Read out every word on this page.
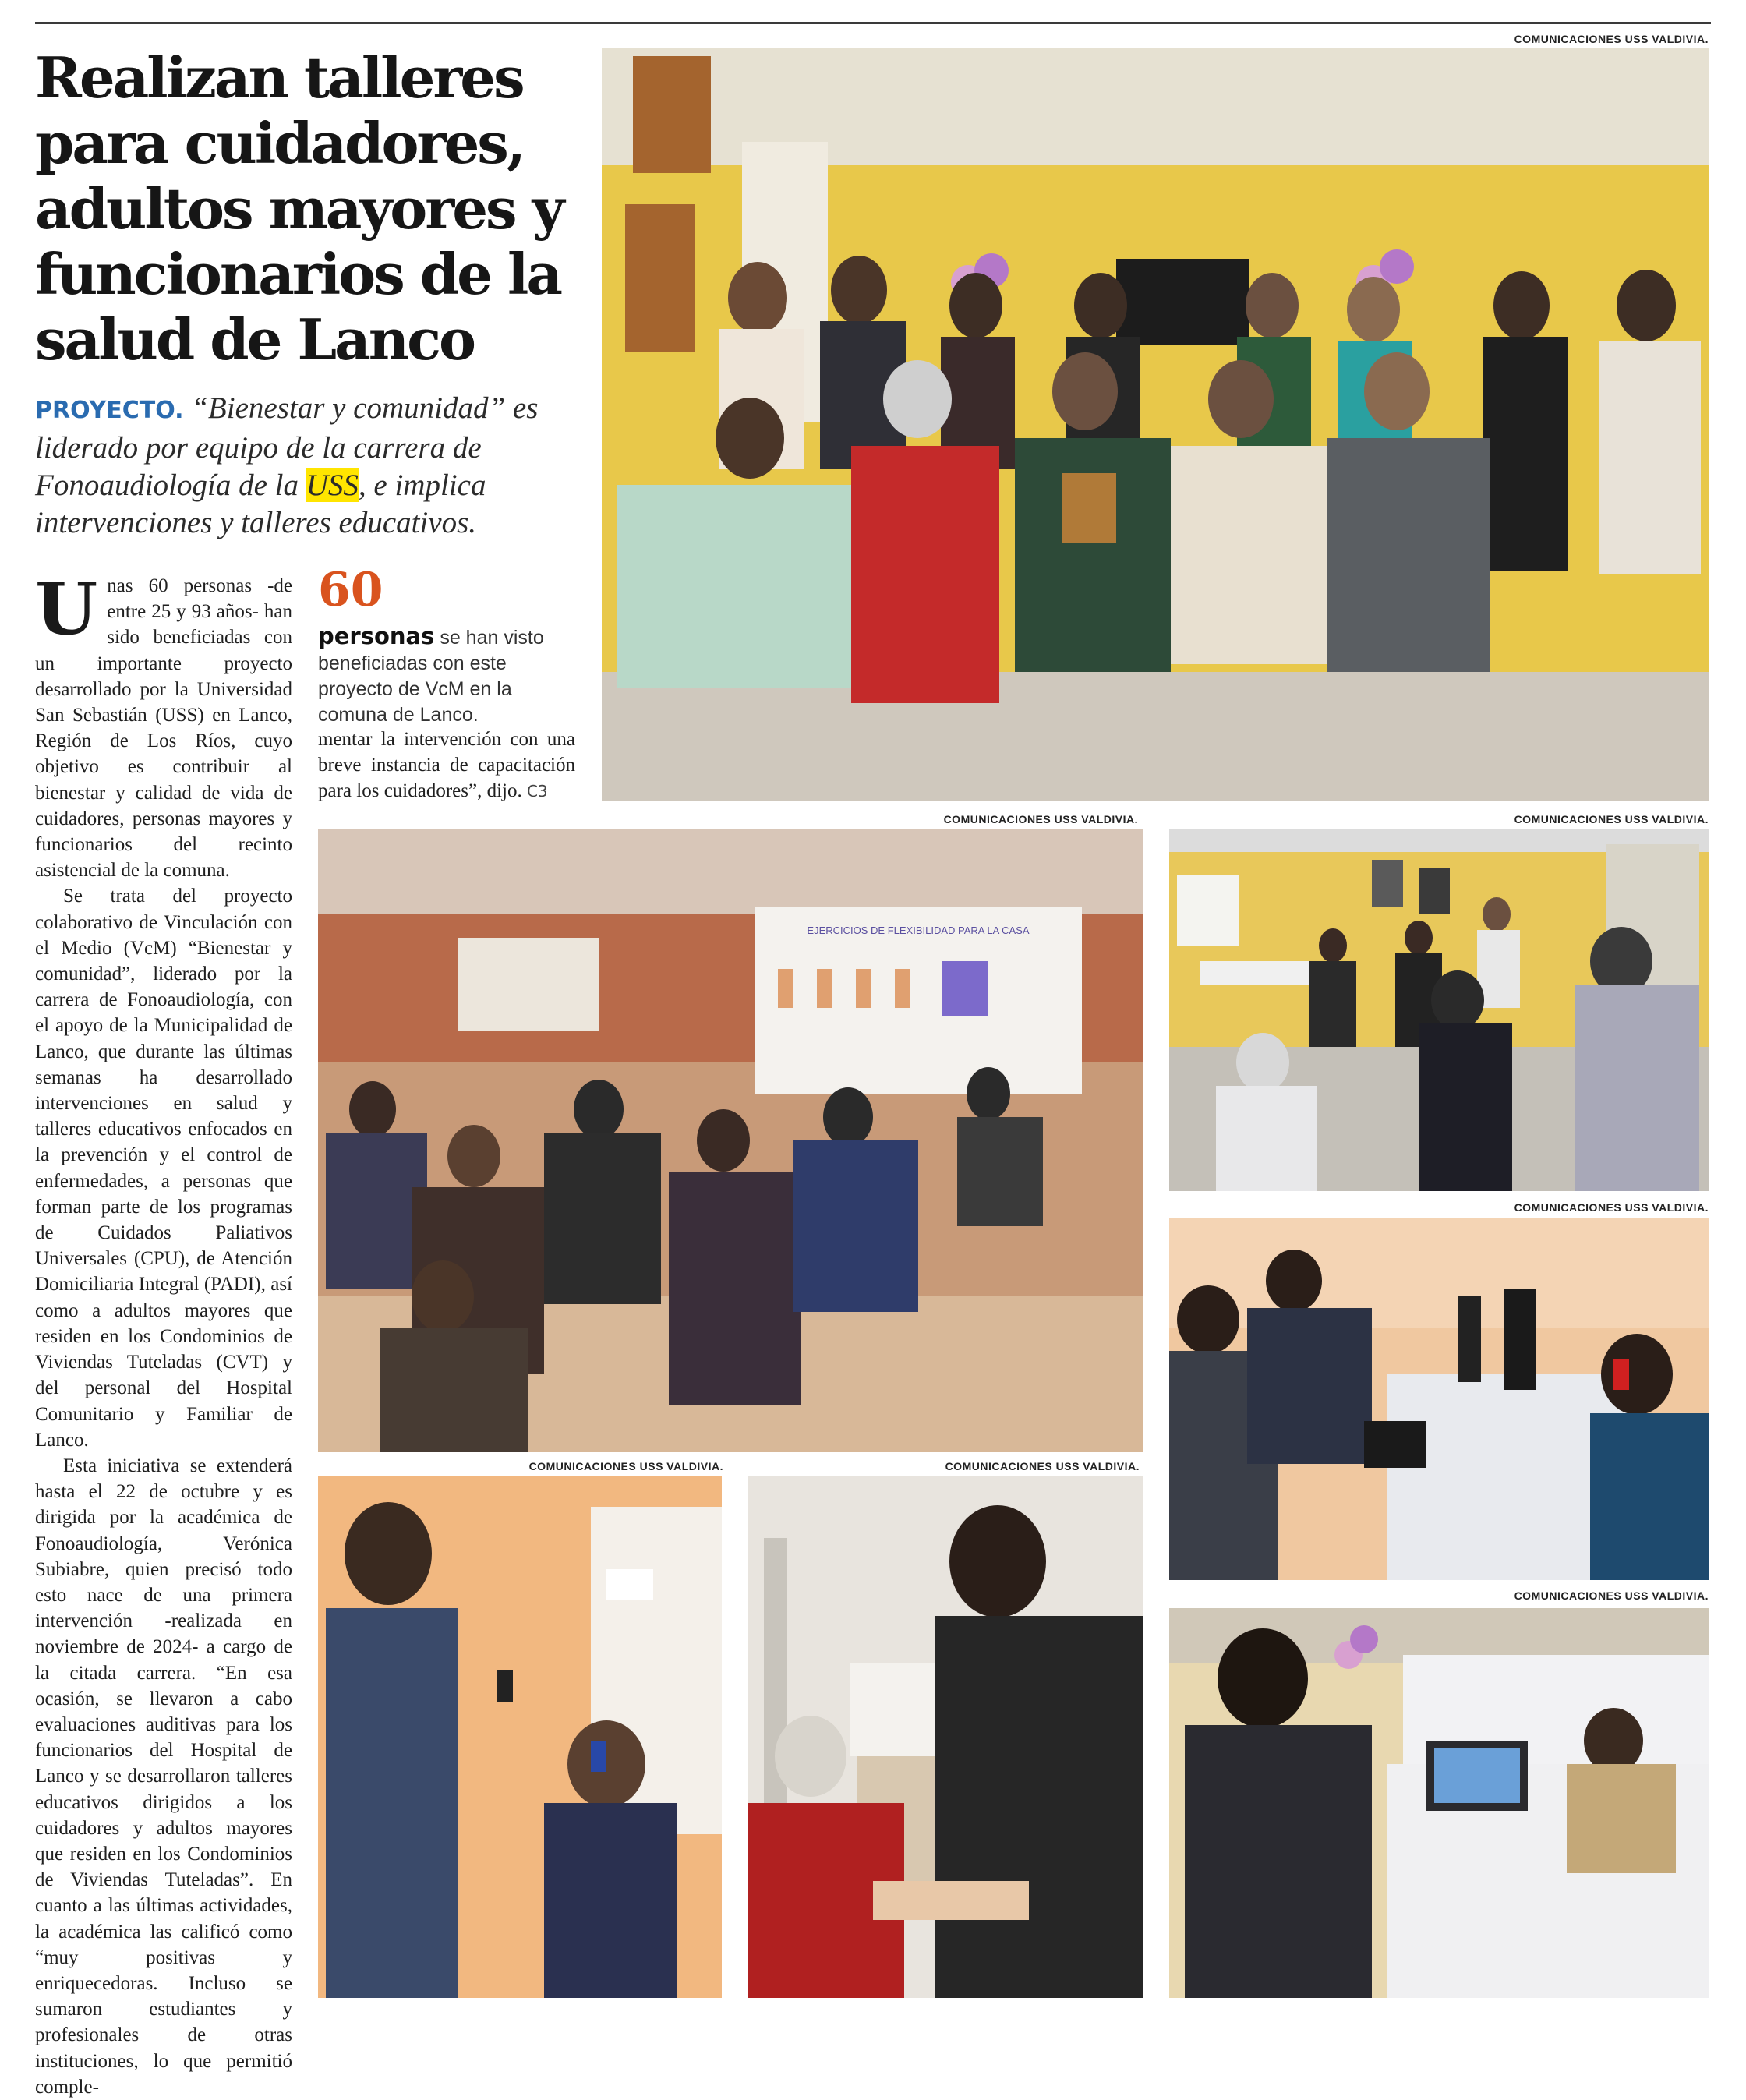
Realizan talleres para cuidadores, adultos mayores y funcionarios de la salud de Lanco
PROYECTO. “Bienestar y comunidad” es liderado por equipo de la carrera de Fonoaudiología de la USS, e implica intervenciones y talleres educativos.

Unas 60 personas -de entre 25 y 93 años- han sido beneficiadas con un importante proyecto desarrollado por la Universidad San Sebastián (USS) en Lanco, Región de Los Ríos, cuyo objetivo es contribuir al bienestar y calidad de vida de cuidadores, personas mayores y funcionarios del recinto asistencial de la comuna.

Se trata del proyecto colaborativo de Vinculación con el Medio (VcM) “Bienestar y comunidad”, liderado por la carrera de Fonoaudiología, con el apoyo de la Municipalidad de Lanco, que durante las últimas semanas ha desarrollado intervenciones en salud y talleres educativos enfocados en la prevención y el control de enfermedades, a personas que forman parte de los programas de Cuidados Paliativos Universales (CPU), de Atención Domiciliaria Integral (PADI), así como a adultos mayores que residen en los Condominios de Viviendas Tuteladas (CVT) y del personal del Hospital Comunitario y Familiar de Lanco.

Esta iniciativa se extenderá hasta el 22 de octubre y es dirigida por la académica de Fonoaudiología, Verónica Subiabre, quien precisó todo esto nace de una primera intervención -realizada en noviembre de 2024- a cargo de la citada carrera. “En esa ocasión, se llevaron a cabo evaluaciones auditivas para los funcionarios del Hospital de Lanco y se desarrollaron talleres educativos dirigidos a los cuidadores y adultos mayores que residen en los Condominios de Viviendas Tuteladas”. En cuanto a las últimas actividades, la académica las calificó como “muy positivas y enriquecedoras. Incluso se sumaron estudiantes y profesionales de otras instituciones, lo que permitió comple-

60
personas se han visto beneficiadas con este proyecto de VcM en la comuna de Lanco.
mentar la intervención con una breve instancia de capacitación para los cuidadores”, dijo. C3
COMUNICACIONES USS VALDIVIA.
COMUNICACIONES USS VALDIVIA.
EJERCICIOS DE FLEXIBILIDAD PARA LA CASA
COMUNICACIONES USS VALDIVIA.
COMUNICACIONES USS VALDIVIA.
COMUNICACIONES USS VALDIVIA.	COMUNICACIONES USS VALDIVIA.
COMUNICACIONES USS VALDIVIA.
